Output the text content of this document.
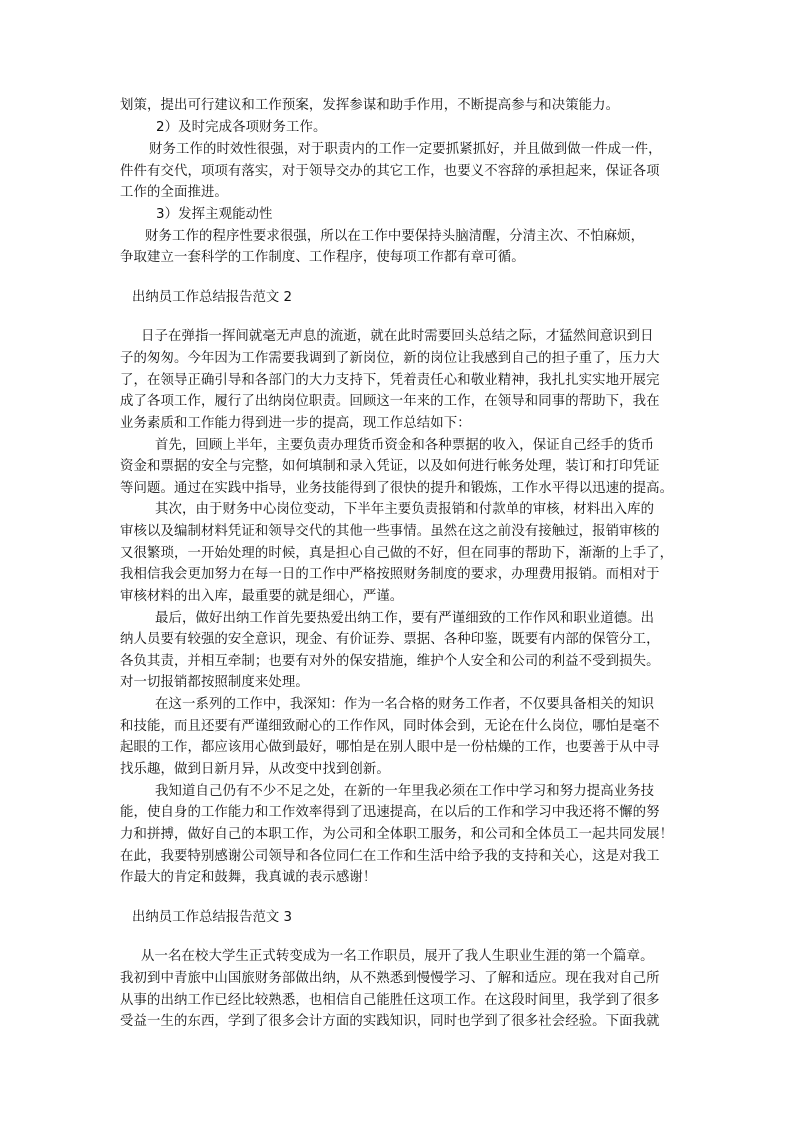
划策，提出可行建议和工作预案，发挥参谋和助手作用，不断提高参与和决策能力。
2）及时完成各项财务工作。
财务工作的时效性很强，对于职责内的工作一定要抓紧抓好，并且做到做一件成一件，
件件有交代，项项有落实，对于领导交办的其它工作，也要义不容辞的承担起来，保证各项
工作的全面推进。
3）发挥主观能动性
财务工作的程序性要求很强，所以在工作中要保持头脑清醒，分清主次、不怕麻烦，
争取建立一套科学的工作制度、工作程序，使每项工作都有章可循。
出纳员工作总结报告范文 2
日子在弹指一挥间就毫无声息的流逝，就在此时需要回头总结之际，才猛然间意识到日
子的匆匆。今年因为工作需要我调到了新岗位，新的岗位让我感到自己的担子重了，压力大
了，在领导正确引导和各部门的大力支持下，凭着责任心和敬业精神，我扎扎实实地开展完
成了各项工作，履行了出纳岗位职责。回顾这一年来的工作，在领导和同事的帮助下，我在
业务素质和工作能力得到进一步的提高，现工作总结如下：
首先，回顾上半年，主要负责办理货币资金和各种票据的收入，保证自己经手的货币
资金和票据的安全与完整，如何填制和录入凭证，以及如何进行帐务处理，装订和打印凭证
等问题。通过在实践中指导，业务技能得到了很快的提升和锻炼，工作水平得以迅速的提高。
其次，由于财务中心岗位变动，下半年主要负责报销和付款单的审核，材料出入库的
审核以及编制材料凭证和领导交代的其他一些事情。虽然在这之前没有接触过，报销审核的
又很繁琐，一开始处理的时候，真是担心自己做的不好，但在同事的帮助下，渐渐的上手了，
我相信我会更加努力在每一日的工作中严格按照财务制度的要求，办理费用报销。而相对于
审核材料的出入库，最重要的就是细心，严谨。
最后，做好出纳工作首先要热爱出纳工作，要有严谨细致的工作作风和职业道德。出
纳人员要有较强的安全意识，现金、有价证券、票据、各种印鉴，既要有内部的保管分工，
各负其责，并相互牵制；也要有对外的保安措施，维护个人安全和公司的利益不受到损失。
对一切报销都按照制度来处理。
在这一系列的工作中，我深知：作为一名合格的财务工作者，不仅要具备相关的知识
和技能，而且还要有严谨细致耐心的工作作风，同时体会到，无论在什么岗位，哪怕是毫不
起眼的工作，都应该用心做到最好，哪怕是在别人眼中是一份枯燥的工作，也要善于从中寻
找乐趣，做到日新月异，从改变中找到创新。
我知道自己仍有不少不足之处，在新的一年里我必须在工作中学习和努力提高业务技
能，使自身的工作能力和工作效率得到了迅速提高，在以后的工作和学习中我还将不懈的努
力和拼搏，做好自己的本职工作，为公司和全体职工服务，和公司和全体员工一起共同发展！
在此，我要特别感谢公司领导和各位同仁在工作和生活中给予我的支持和关心，这是对我工
作最大的肯定和鼓舞，我真诚的表示感谢！
出纳员工作总结报告范文 3
从一名在校大学生正式转变成为一名工作职员，展开了我人生职业生涯的第一个篇章。
我初到中青旅中山国旅财务部做出纳，从不熟悉到慢慢学习、了解和适应。现在我对自己所
从事的出纳工作已经比较熟悉，也相信自己能胜任这项工作。在这段时间里，我学到了很多
受益一生的东西，学到了很多会计方面的实践知识，同时也学到了很多社会经验。下面我就
